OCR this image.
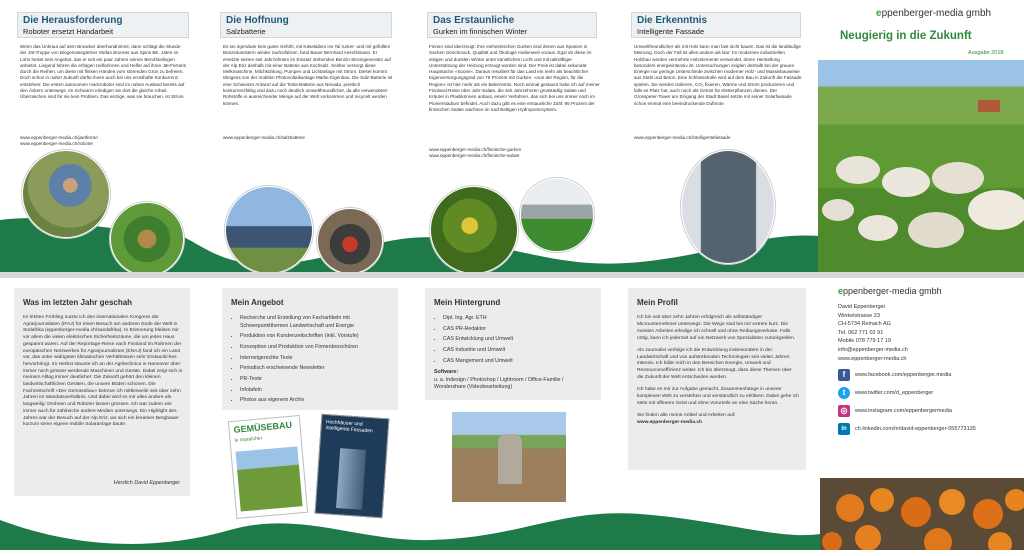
Die Herausforderung
Roboter ersetzt Handarbeit
Wenn das Unkraut auf dem Broacker überhandnimmt, dann schlägt die Stunde der Jät-Truppe von Biogemüsegärtner Stefan Brunner aus Spins BE. Jäten im Lohn heisst sein Angebot, das er seit ein paar Jahren seinen Berufskollegen anbietet. Liegend fahren die erfolgen Helferinnen und Helfer auf ihren Jät-Ferraris durch die Reihen, um diese mit flinken Händen vom störenden Grün zu befreien. Doch schon in naher Zukunft dürfte ihnen auch bei uns ernsthafte Konkurrenz entstehen: Die ersten autonomen Hackroboter sind im nahen Ausland bereits auf den Äckern unterwegs. Im Schwarm erledigen sie dort die gleiche Arbeit. Überraschen sind für sie kein Problem. Das einzige, was sie brauchen, ist Strom.
www.eppenberger-media.ch/jaetferrari
www.eppenberger-media.ch/roboter
Die Hoffnung
Salzbatterie
Es sei irgendwie kein gutes Gefühl, mit Käselaiben ins Tal runter- und mit gefüllten Benzinkanistern wieder raufzufahren, fand Bauer Bernhard Aeschlimann. Er ersetzte seinen seit Jahrzehnten im Einsatz stehenden Benzin-Stromgenerator auf der Alp Eriz deshalb mit einer Batterie aus Kochsalz. Seither versorgt diese Melkmaschine, Milchkühlung, Pumpen und Lichtanlage mit Strom. Dieser kommt übrigens von der mobilen Photovoltaikanlage Marke Eigenbau. Die Salz-Batterie ist eine Schweizer Antwort auf die Tesla-Batterie aus Nevada, preislich konkurrenzfähig und dazu noch deutlich umweltfreundlicher, da alle verwendeten Rohstoffe in ausreichender Menge auf der Welt vorkommen und recycelt werden können.
www.eppenberger-media.ch/salzbatterie
Das Erstaunliche
Gurken im finnischen Winter
Finnen sind überzeugt: Ihre einheimischen Gurken sind denen aus Spanien in Sachen Geschmack, Qualität und Ökologie meilenweit voraus. Egal ob diese im eisigen und dunklen Winter unter künstlichem Licht und mit tatkräftiger Unterstützung der Heizung erzeugt worden sind. Der Preis ist dabei sekundär. Hauptsache »Suomi«. Daraus resultiert für das Land ein mehr als beachtlicher Eigenversorgungsgrad von 78 Prozent mit Gurken. »Aus der Region, für die Region« ist hier mehr als ein Bekenntnis. Noch einmal gestaunt habe ich auf meiner Finnland-Reise über Jahr-Salate, die seit Jahrzehnten grosstädtig Salate und Kräuter in Plastikrinnen anbaut, einem Verfahren, das sich bei uns immer noch im Pionierstadium befindet. Auch dazu gibt es eine erstaunliche Zahl: 95 Prozent der finnischen Salate wachsen im nachhaltigen Hydroponicsystem.
www.eppenberger-media.ch/finnische-gurken
www.eppenberger-media.ch/finnische-salate
Die Erkenntnis
Intelligente Fassade
Umweltfreundlicher als mit Holz kann man fast nicht bauen. Das ist die landläufige Meinung. Doch der Fall ist alles andere als klar: Im modernen industriellen Holzbau werden vermehrte Holzelemente verwendet, deren Herstellung besonders energieintensiv ist. Untersuchungen zeigten deshalb bei der grauen Energie nur geringe Unterschiede zwischen moderner Holz- und Massivbauweise aus Stahl und Beton. Eine Schlüsselrolle wird auf dem Bau in Zukunft die Fassade spielen. Sie werden isolieren, CO₂ fixieren, Wärme und Strom produzieren und falls es Platz hat, auch noch als Gerüst für Kletterpflanzen dienen. Der Grosspeter-Tower am Eingang der Stadt Basel setzte mit seiner Solarfassade schon einmal eine beeindruckende Duftnote.
www.eppenberger-media.ch/intelligentefassade
eppenberger-media gmbh
Neugierig in die Zukunft
Ausgabe 2018
Was im letzten Jahr geschah
Im letzten Frühling nutzte ich den internationalen Kongress der Agrarjournalisten (IFAJ) für einen Besuch am anderen Ende der Welt in Südafrika (eppenberger-media.ch/suedafrika). In Erinnerung bleiben mir vor allem die vielen elektrischen Sicherheitszäune, die um jedes Haus gespannt waren. Auf der Reportage-Reise nach Finnland im Rahmen der europäischen Netzwerkes für Agrarjournalisten (ENAJ) fand ich ein Land vor, das unter widrigsten klimatischen Verhältnissen sehr Erstaunliches hervorbringt. Im Herbst staunte ich an der Agritechnica in Hannover über immer noch grösser werdende Maschinen und Geräte. Dabei zeigt sich in meinem Alltag immer deutlicher: Die Zukunft gehört den kleinen landwirtschaftlichen Geräten, die unsere Böden schonen. Die Fachzeitschrift «Der Gemüsebau» betreue ich mittlerweile seit über zehn Jahren im Mandatsverhältnis. Und dabei wird es mir alles andere als langweilig: Drohnen und Roboter lassen grüssen. Ich war zudem wie immer auch für zahlreiche andere Medien unterwegs. Ein Highlight des Jahres war der Besuch auf der Alp Eriz, wo sich ein kreativer Bergbauer kurzum seine eigene mobile Solaranlage baute.
Herzlich David Eppenberger
Mein Angebot
• Recherche und Erstellung von Fachartikeln mit Schwerpunktthemen Landwirtschaft und Energie
• Produktion von Kundenzeitschriften (inkl. Vorstufe)
• Konzeption und Produktion von Firmenbroschüren
• Internetgerechte Texte
• Periodisch erscheinende Newsletter
• PR-Texte
• Infotafeln
• Photos aus eigenem Archiv
GEMÜSEBAU
le maraîcher
Hochhäuser und intelligente Fassaden
Mein Hintergrund
• Dipl. Ing. Agr. ETH
• CAS PR-Redaktor
• CAS Entwicklung und Umwelt
• CAS Industrie und Umwelt
• CAS Mangement und Umwelt
Software:
u. a. Indesign / Photoshop / Lightroom / Office-Familie / Wondershare (Videobearbeitung)
Mein Profil
Ich bin seit über zehn Jahren erfolgreich als selbständiger Microunternehmer unterwegs. Die Wege sind bei mir extrem kurz. Die meisten Arbeiten erledige ich schnell und ohne Reibungsverluste. Falls nötig, kann ich jederzeit auf ein Netzwerk von Spezialisten zurückgreifen.
Als Journalist verfolge ich die Entwicklung insbesondere in der Landwirtschaft und von aufstrebenden Technologien seit vielen Jahren intensiv. Ich bilde mich in den Bereichen Energie, Umwelt und Ressourceneffizienz weiter. Ich bin überzeugt, dass diese Themen über die Zukunft der Welt entscheiden werden.
Ich habe es mir zur Aufgabe gemacht, Zusammenhänge in unserer komplexen Welt zu verstehen und verständlich zu erklären. Dabei gehe ich stets mit offenem Geist und ohne Vorurteile an eine Sache heran.
Sie finden alle meine Artikel und Arbeiten auf:
www.eppenberger-media.ch
eppenberger-media gmbh
David Eppenberger
Winkelstrasse 23
CH-5734 Reinach AG
Tel. 062 771 02 91
Mobile 078 779 17 19
info@eppenberger-media.ch
www.eppenberger-media.ch
f	www.facebook.com/eppenberger.media
t	www.twitter.com/d_eppenberger
◎	www.instagram.com/eppenbergermedia
in	ch.linkedin.com/in/david-eppenberger-055773135
